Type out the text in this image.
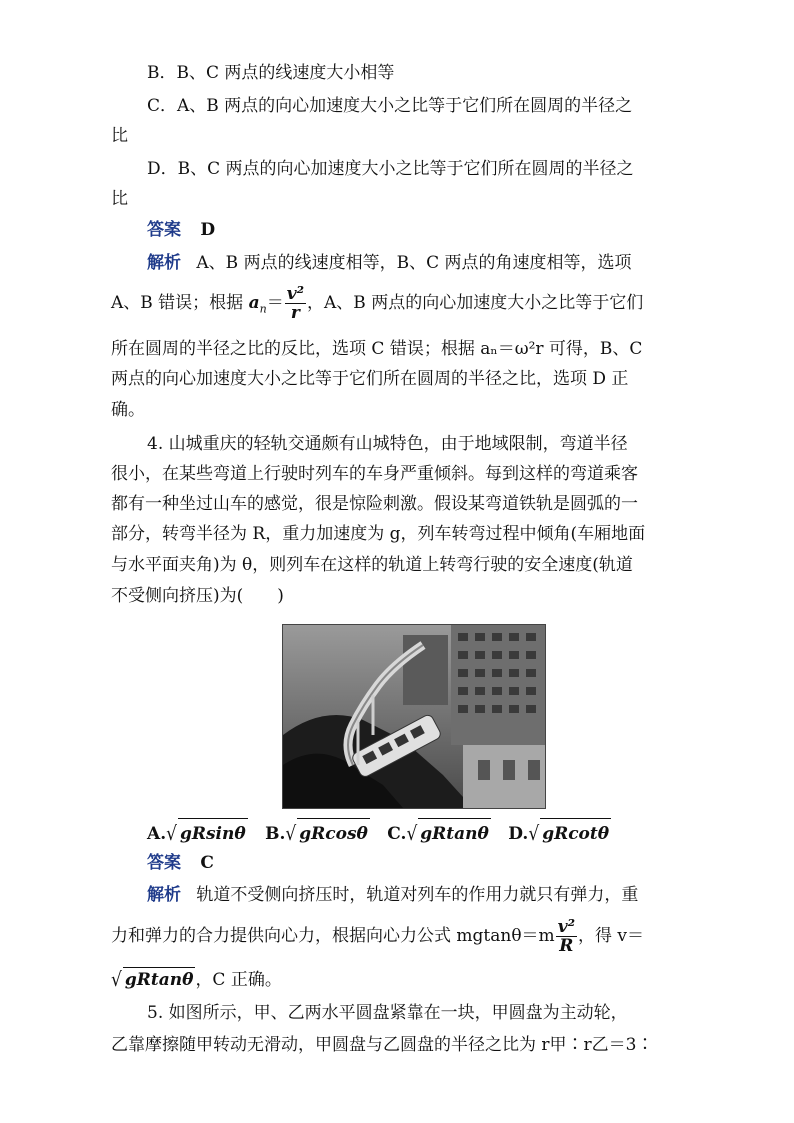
B．B、C 两点的线速度大小相等
C．A、B 两点的向心加速度大小之比等于它们所在圆周的半径之
比
D．B、C 两点的向心加速度大小之比等于它们所在圆周的半径之
比
答案 D
解析 A、B 两点的线速度相等，B、C 两点的角速度相等，选项
A、B 错误；根据 $a_n= \frac{\text{v²}}{r}$ ，A、B 两点的向心加速度大小之比等于它们
所在圆周的半径之比的反比，选项 C 错误；根据 aₙ＝ω²r 可得，B、C
两点的向心加速度大小之比等于它们所在圆周的半径之比，选项 D 正
确。
4. 山城重庆的轻轨交通颇有山城特色，由于地域限制，弯道半径
很小，在某些弯道上行驶时列车的车身严重倾斜。每到这样的弯道乘客
都有一种坐过山车的感觉，很是惊险刺激。假设某弯道铁轨是圆弧的一
部分，转弯半径为 R，重力加速度为 g，列车转弯过程中倾角(车厢地面
与水平面夹角)为 θ，则列车在这样的轨道上转弯行驶的安全速度(轨道
不受侧向挤压)为(　　)
A.√ gRsinθ B.√ gRcosθ C.√ gRtanθ D.√ gRcotθ
答案 C
解析 轨道不受侧向挤压时，轨道对列车的作用力就只有弹力，重
力和弹力的合力提供向心力，根据向心力公式 $mgtan\theta=m \frac{\text{v²}}{R}$ ，得 v＝
√ gRtanθ ，C 正确。
5. 如图所示，甲、乙两水平圆盘紧靠在一块，甲圆盘为主动轮，
乙靠摩擦随甲转动无滑动，甲圆盘与乙圆盘的半径之比为 r甲∶r乙＝3∶
